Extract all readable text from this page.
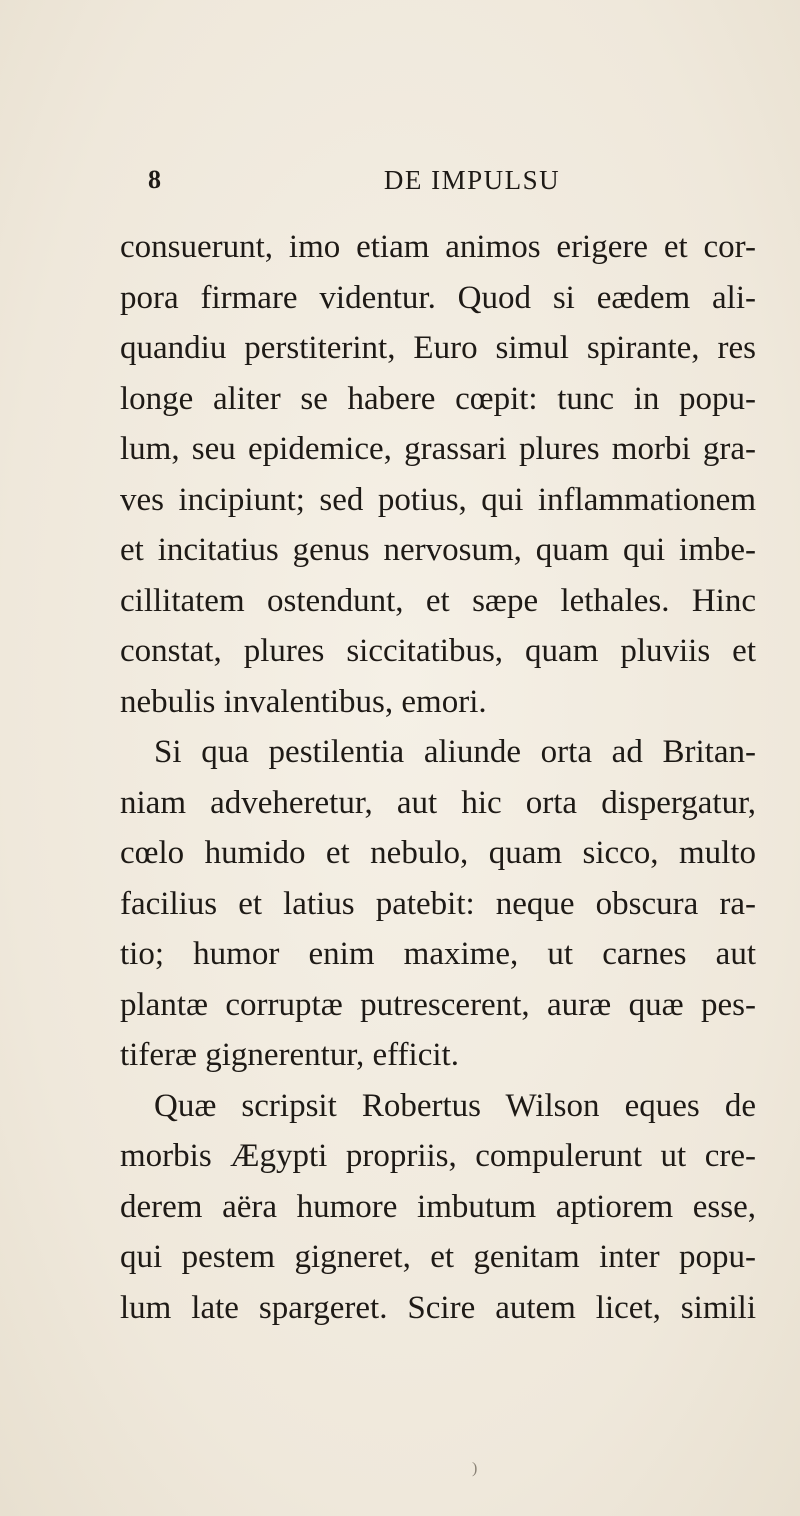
8	DE IMPULSU
consuerunt, imo etiam animos erigere et cor-
pora firmare videntur. Quod si eædem ali-
quandiu perstiterint, Euro simul spirante, res
longe aliter se habere cœpit: tunc in popu-
lum, seu epidemice, grassari plures morbi gra-
ves incipiunt; sed potius, qui inflammationem
et incitatius genus nervosum, quam qui imbe-
cillitatem ostendunt, et sæpe lethales. Hinc
constat, plures siccitatibus, quam pluviis et
nebulis invalentibus, emori.
Si qua pestilentia aliunde orta ad Britan-
niam adveheretur, aut hic orta dispergatur,
cœlo humido et nebulo, quam sicco, multo
facilius et latius patebit: neque obscura ra-
tio; humor enim maxime, ut carnes aut
plantæ corruptæ putrescerent, auræ quæ pes-
tiferæ gignerentur, efficit.
Quæ scripsit Robertus Wilson eques de
morbis Ægypti propriis, compulerunt ut cre-
derem aëra humore imbutum aptiorem esse,
qui pestem gigneret, et genitam inter popu-
lum late spargeret. Scire autem licet, simili
)
